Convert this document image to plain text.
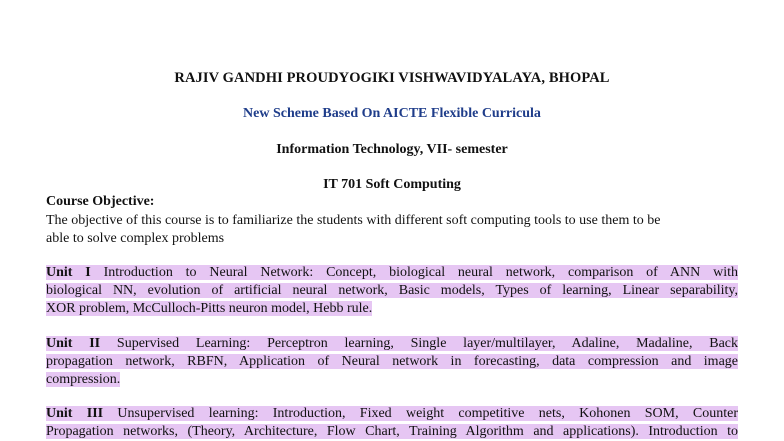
RAJIV GANDHI PROUDYOGIKI VISHWAVIDYALAYA, BHOPAL
New Scheme Based On AICTE Flexible Curricula
Information Technology, VII- semester
IT 701 Soft Computing
Course Objective:
The objective of this course is to familiarize the students with different soft computing tools to use them to be
able to solve complex problems
Unit I Introduction to Neural Network: Concept, biological neural network, comparison of ANN with
biological NN, evolution of artificial neural network, Basic models, Types of learning, Linear separability,
XOR problem, McCulloch-Pitts neuron model, Hebb rule.
Unit II Supervised Learning: Perceptron learning, Single layer/multilayer, Adaline, Madaline, Back
propagation network, RBFN, Application of Neural network in forecasting, data compression and image
compression.
Unit III Unsupervised learning: Introduction, Fixed weight competitive nets, Kohonen SOM, Counter
Propagation networks, (Theory, Architecture, Flow Chart, Training Algorithm and applications). Introduction to
